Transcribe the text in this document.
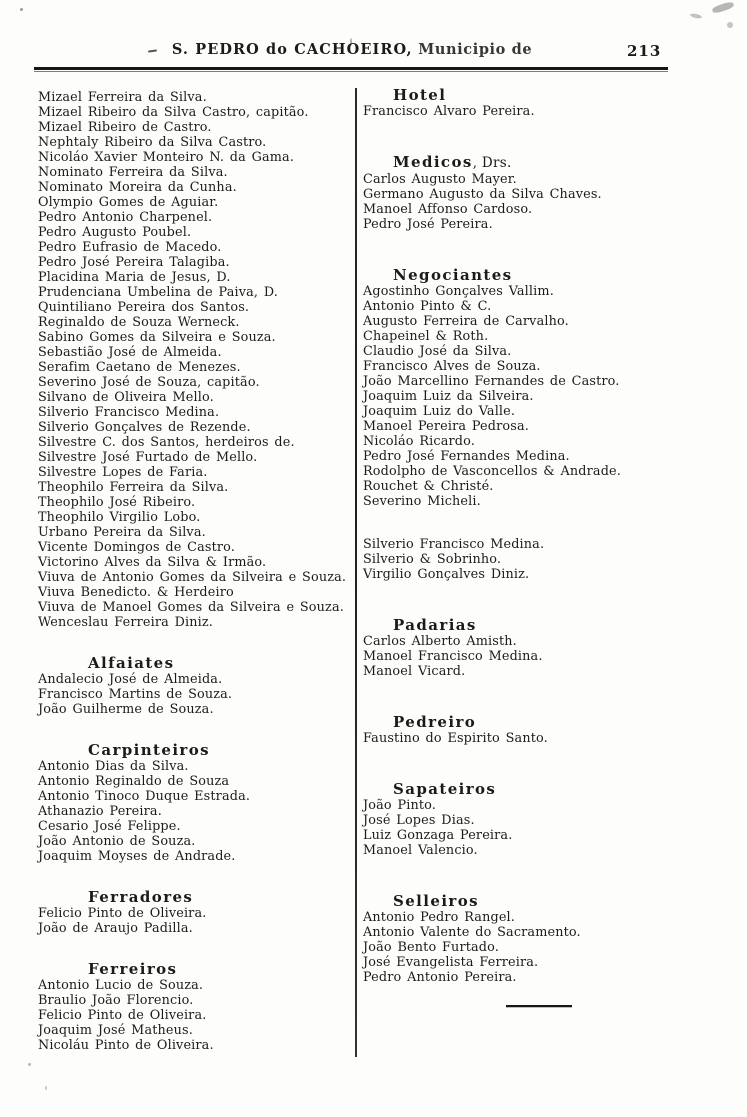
S. PEDRO do CACHOEIRO, Municipio de	213
Mizael Ferreira da Silva.
Mizael Ribeiro da Silva Castro, capitão.
Mizael Ribeiro de Castro.
Nephtaly Ribeiro da Silva Castro.
Nicoláo Xavier Monteiro N. da Gama.
Nominato Ferreira da Silva.
Nominato Moreira da Cunha.
Olympio Gomes de Aguiar.
Pedro Antonio Charpenel.
Pedro Augusto Poubel.
Pedro Eufrasio de Macedo.
Pedro José Pereira Talagiba.
Placidina Maria de Jesus, D.
Prudenciana Umbelina de Paiva, D.
Quintiliano Pereira dos Santos.
Reginaldo de Souza Werneck.
Sabino Gomes da Silveira e Souza.
Sebastião José de Almeida.
Serafim Caetano de Menezes.
Severino José de Souza, capitão.
Silvano de Oliveira Mello.
Silverio Francisco Medina.
Silverio Gonçalves de Rezende.
Silvestre C. dos Santos, herdeiros de.
Silvestre José Furtado de Mello.
Silvestre Lopes de Faria.
Theophilo Ferreira da Silva.
Theophilo José Ribeiro.
Theophilo Virgilio Lobo.
Urbano Pereira da Silva.
Vicente Domingos de Castro.
Victorino Alves da Silva & Irmão.
Viuva de Antonio Gomes da Silveira e Souza.
Viuva Benedicto. & Herdeiro
Viuva de Manoel Gomes da Silveira e Souza.
Wenceslau Ferreira Diniz.
Alfaiates
Andalecio José de Almeida.
Francisco Martins de Souza.
João Guilherme de Souza.
Carpinteiros
Antonio Dias da Silva.
Antonio Reginaldo de Souza
Antonio Tinoco Duque Estrada.
Athanazio Pereira.
Cesario José Felippe.
João Antonio de Souza.
Joaquim Moyses de Andrade.
Ferradores
Felicio Pinto de Oliveira.
João de Araujo Padilla.
Ferreiros
Antonio Lucio de Souza.
Braulio João Florencio.
Felicio Pinto de Oliveira.
Joaquim José Matheus.
Nicoláu Pinto de Oliveira.
Hotel
Francisco Alvaro Pereira.
Medicos, Drs.
Carlos Augusto Mayer.
Germano Augusto da Silva Chaves.
Manoel Affonso Cardoso.
Pedro José Pereira.
Negociantes
Agostinho Gonçalves Vallim.
Antonio Pinto & C.
Augusto Ferreira de Carvalho.
Chapeinel & Roth.
Claudio José da Silva.
Francisco Alves de Souza.
João Marcellino Fernandes de Castro.
Joaquim Luiz da Silveira.
Joaquim Luiz do Valle.
Manoel Pereira Pedrosa.
Nicoláo Ricardo.
Pedro José Fernandes Medina.
Rodolpho de Vasconcellos & Andrade.
Rouchet & Christé.
Severino Micheli.
Silverio Francisco Medina.
Silverio & Sobrinho.
Virgilio Gonçalves Diniz.
Padarias
Carlos Alberto Amisth.
Manoel Francisco Medina.
Manoel Vicard.
Pedreiro
Faustino do Espirito Santo.
Sapateiros
João Pinto.
José Lopes Dias.
Luiz Gonzaga Pereira.
Manoel Valencio.
Selleiros
Antonio Pedro Rangel.
Antonio Valente do Sacramento.
João Bento Furtado.
José Evangelista Ferreira.
Pedro Antonio Pereira.
